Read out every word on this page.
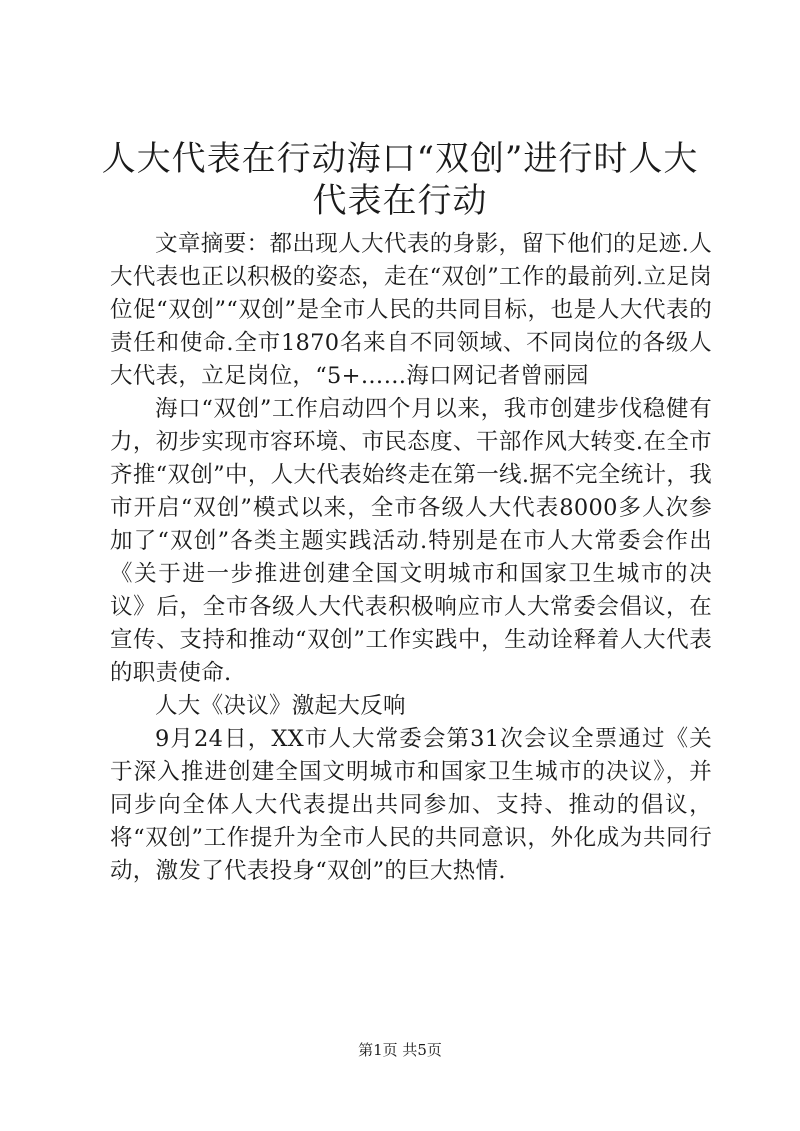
人大代表在行动海口“双创”进行时人大代表在行动

文章摘要：都出现人大代表的身影，留下他们的足迹.人大代表也正以积极的姿态，走在“双创”工作的最前列.立足岗位促“双创”“双创”是全市人民的共同目标，也是人大代表的责任和使命.全市1870名来自不同领域、不同岗位的各级人大代表，立足岗位，“5+……海口网记者曾丽园

海口“双创”工作启动四个月以来，我市创建步伐稳健有力，初步实现市容环境、市民态度、干部作风大转变.在全市齐推“双创”中，人大代表始终走在第一线.据不完全统计，我市开启“双创”模式以来，全市各级人大代表8000多人次参加了“双创”各类主题实践活动.特别是在市人大常委会作出《关于进一步推进创建全国文明城市和国家卫生城市的决议》后，全市各级人大代表积极响应市人大常委会倡议，在宣传、支持和推动“双创”工作实践中，生动诠释着人大代表的职责使命.

人大《决议》激起大反响

9月24日，XX市人大常委会第31次会议全票通过《关于深入推进创建全国文明城市和国家卫生城市的决议》，并同步向全体人大代表提出共同参加、支持、推动的倡议，将“双创”工作提升为全市人民的共同意识，外化成为共同行动，激发了代表投身“双创”的巨大热情.

第1页 共5页
